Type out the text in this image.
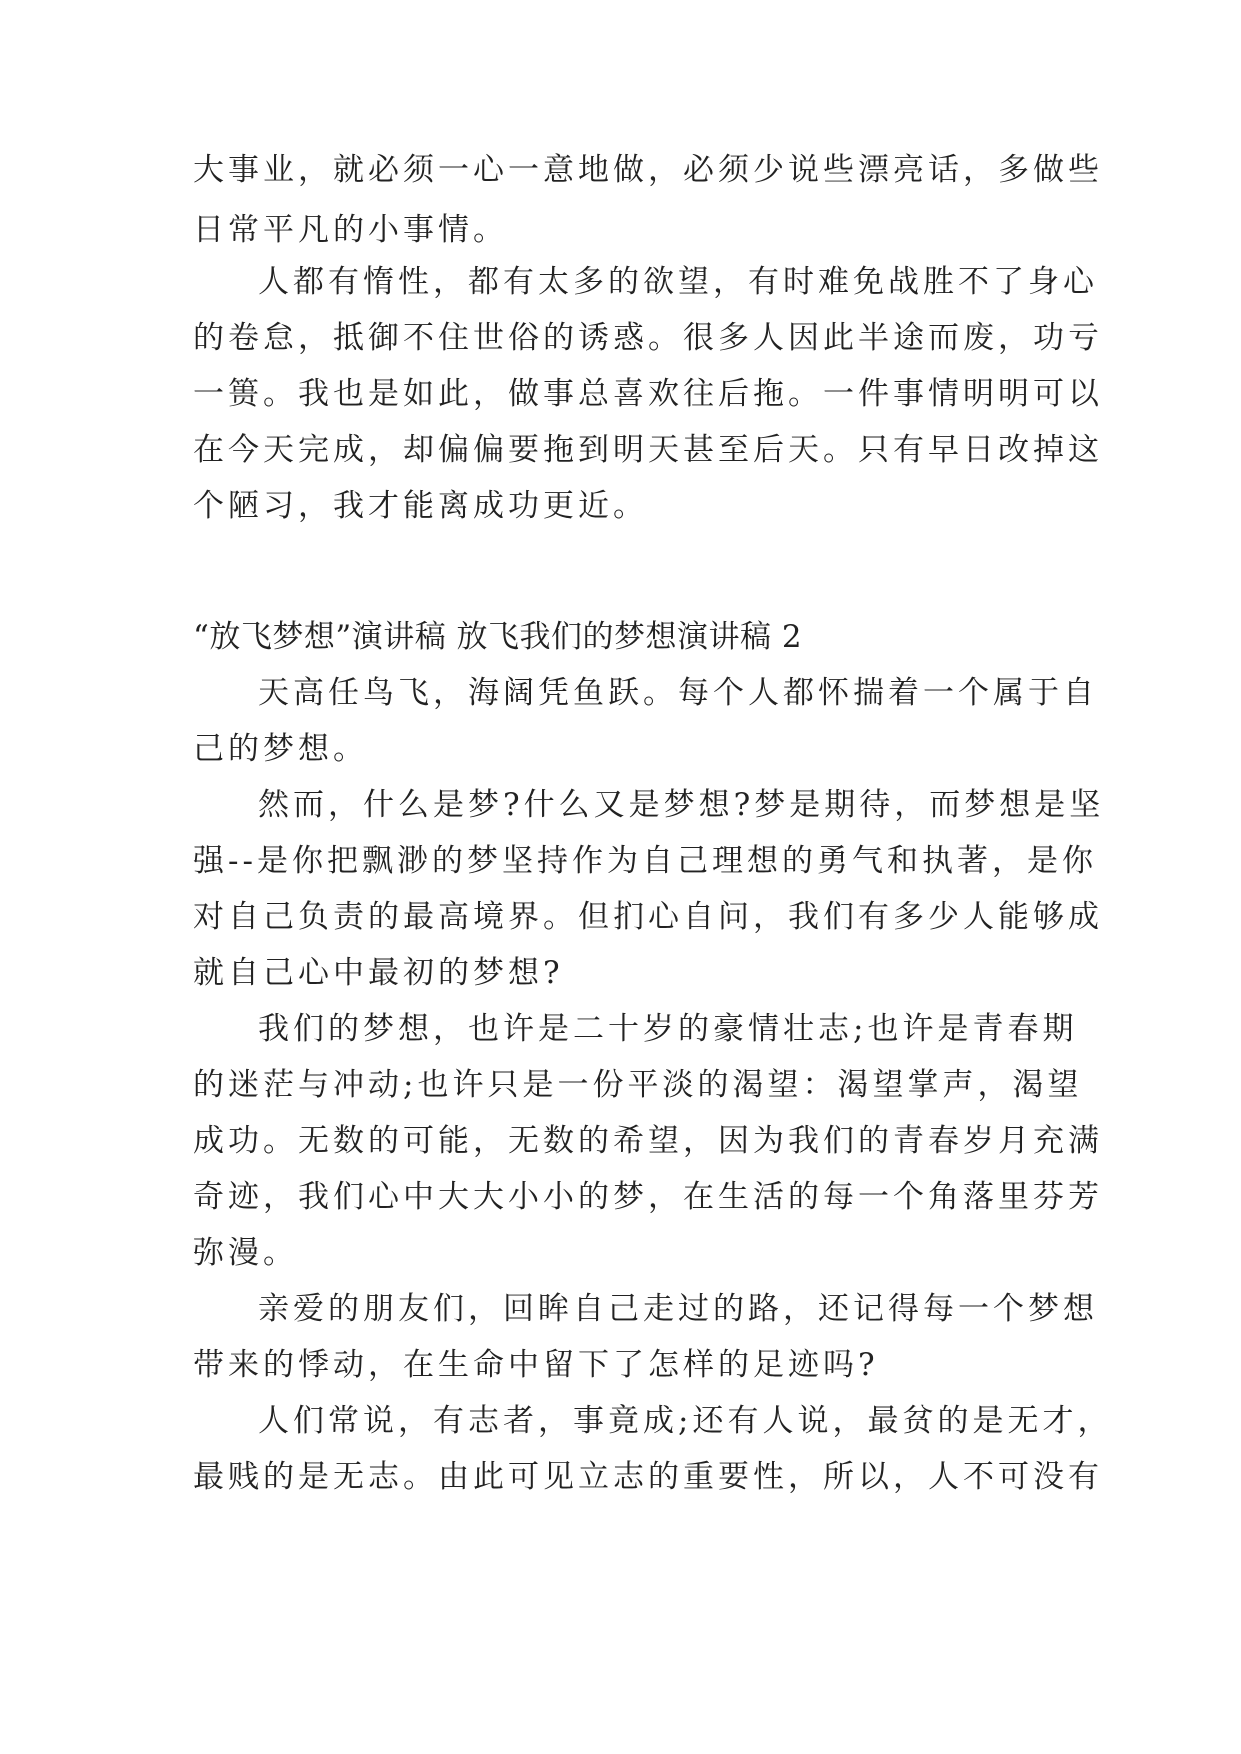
大事业，就必须一心一意地做，必须少说些漂亮话，多做些
日常平凡的小事情。
人都有惰性，都有太多的欲望，有时难免战胜不了身心
的卷怠，抵御不住世俗的诱惑。很多人因此半途而废，功亏
一篑。我也是如此，做事总喜欢往后拖。一件事情明明可以
在今天完成，却偏偏要拖到明天甚至后天。只有早日改掉这
个陋习，我才能离成功更近。
“放飞梦想”演讲稿 放飞我们的梦想演讲稿 2
天高任鸟飞，海阔凭鱼跃。每个人都怀揣着一个属于自
己的梦想。
然而，什么是梦?什么又是梦想?梦是期待，而梦想是坚
强--是你把飘渺的梦坚持作为自己理想的勇气和执著，是你
对自己负责的最高境界。但扪心自问，我们有多少人能够成
就自己心中最初的梦想?
我们的梦想，也许是二十岁的豪情壮志;也许是青春期
的迷茫与冲动;也许只是一份平淡的渴望：渴望掌声，渴望
成功。无数的可能，无数的希望，因为我们的青春岁月充满
奇迹，我们心中大大小小的梦，在生活的每一个角落里芬芳
弥漫。
亲爱的朋友们，回眸自己走过的路，还记得每一个梦想
带来的悸动，在生命中留下了怎样的足迹吗?
人们常说，有志者，事竟成;还有人说，最贫的是无才，
最贱的是无志。由此可见立志的重要性，所以，人不可没有
